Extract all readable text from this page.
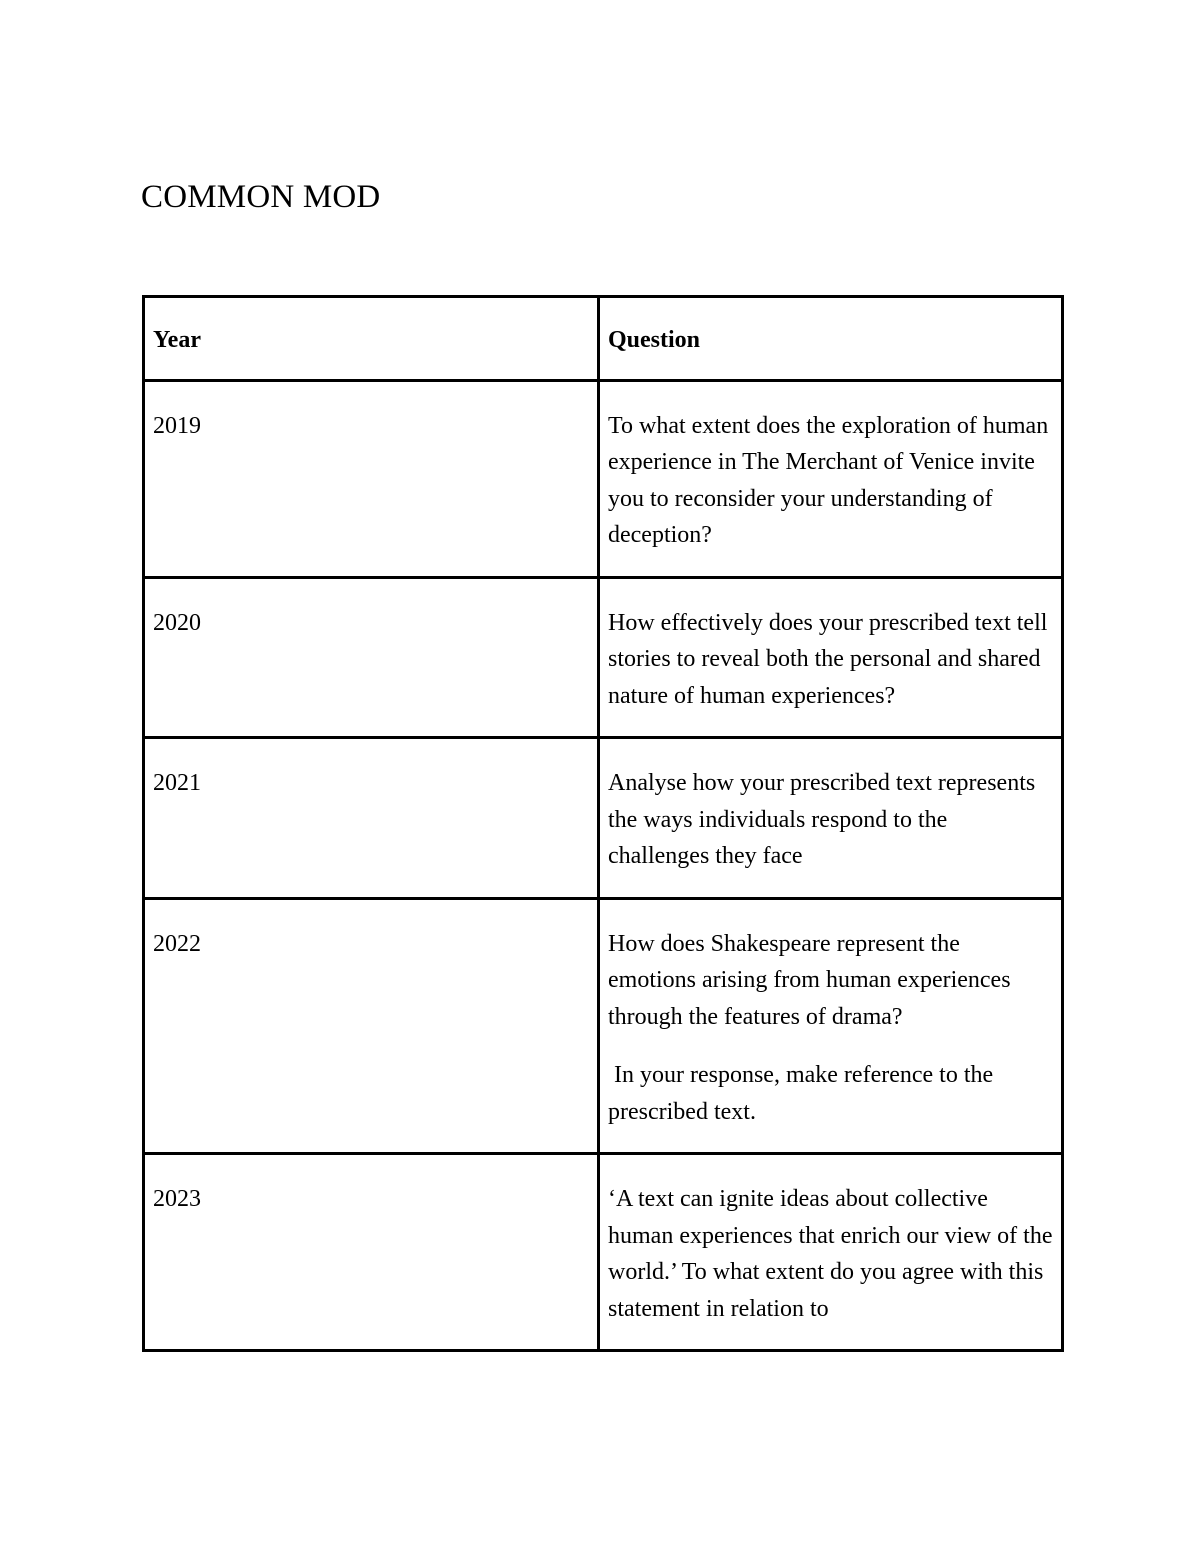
COMMON MOD
Year	Question
2019	To what extent does the exploration of human experience in The Merchant of Venice invite you to reconsider your understanding of deception?

2020	How effectively does your prescribed text tell stories to reveal both the personal and shared nature of human experiences?

2021	Analyse how your prescribed text represents the ways individuals respond to the challenges they face

2022	How does Shakespeare represent the emotions arising from human experiences through the features of drama?

In your response, make reference to the prescribed text.

2023	‘A text can ignite ideas about collective human experiences that enrich our view of the world.’ To what extent do you agree with this statement in relation to
